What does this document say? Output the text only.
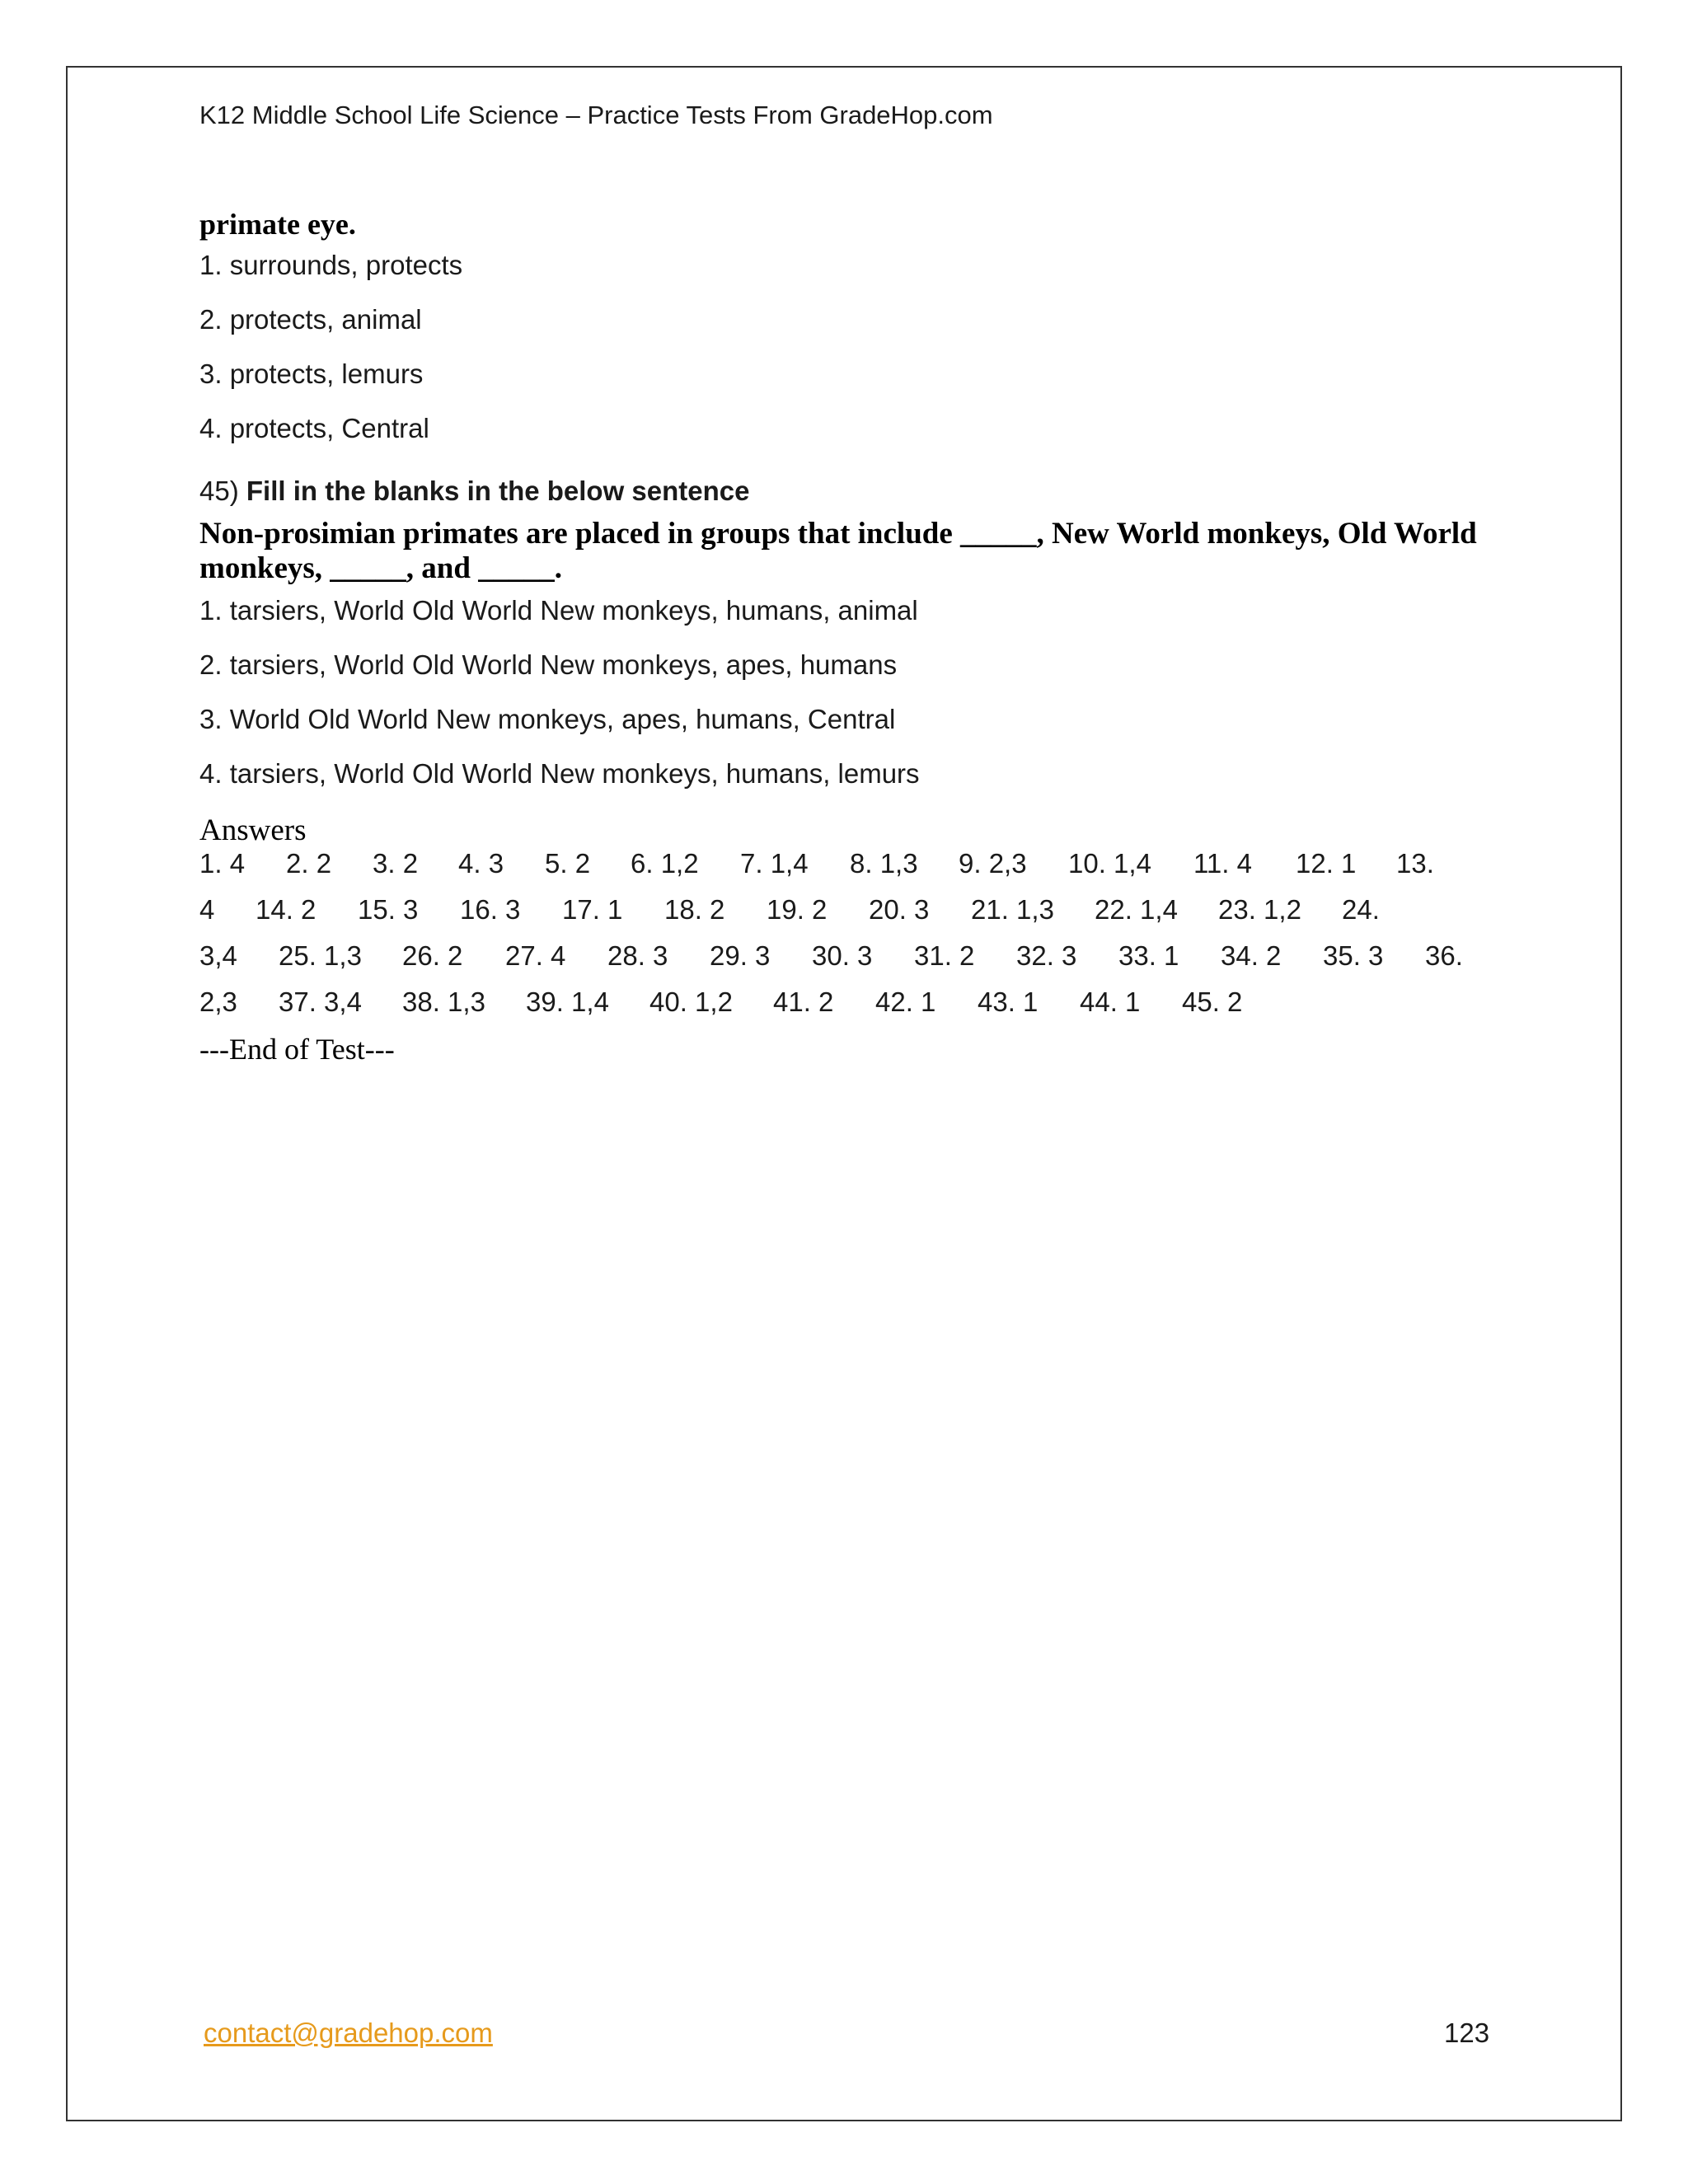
K12 Middle School Life Science – Practice Tests From GradeHop.com
primate eye.
1. surrounds, protects
2. protects, animal
3. protects, lemurs
4. protects, Central
45) Fill in the blanks in the below sentence
Non-prosimian primates are placed in groups that include _____, New World monkeys, Old World monkeys, _____, and _____.
1. tarsiers, World Old World New monkeys, humans, animal
2. tarsiers, World Old World New monkeys, apes, humans
3. World Old World New monkeys, apes, humans, Central
4. tarsiers, World Old World New monkeys, humans, lemurs
Answers
1. 4 2. 2 3. 2 4. 3 5. 2 6. 1,2 7. 1,4 8. 1,3 9. 2,3 10. 1,4 11. 4 12. 1 13.
4 14. 2 15. 3 16. 3 17. 1 18. 2 19. 2 20. 3 21. 1,3 22. 1,4 23. 1,2 24.
3,4 25. 1,3 26. 2 27. 4 28. 3 29. 3 30. 3 31. 2 32. 3 33. 1 34. 2 35. 3 36.
2,3 37. 3,4 38. 1,3 39. 1,4 40. 1,2 41. 2 42. 1 43. 1 44. 1 45. 2
---End of Test---
contact@gradehop.com	123
